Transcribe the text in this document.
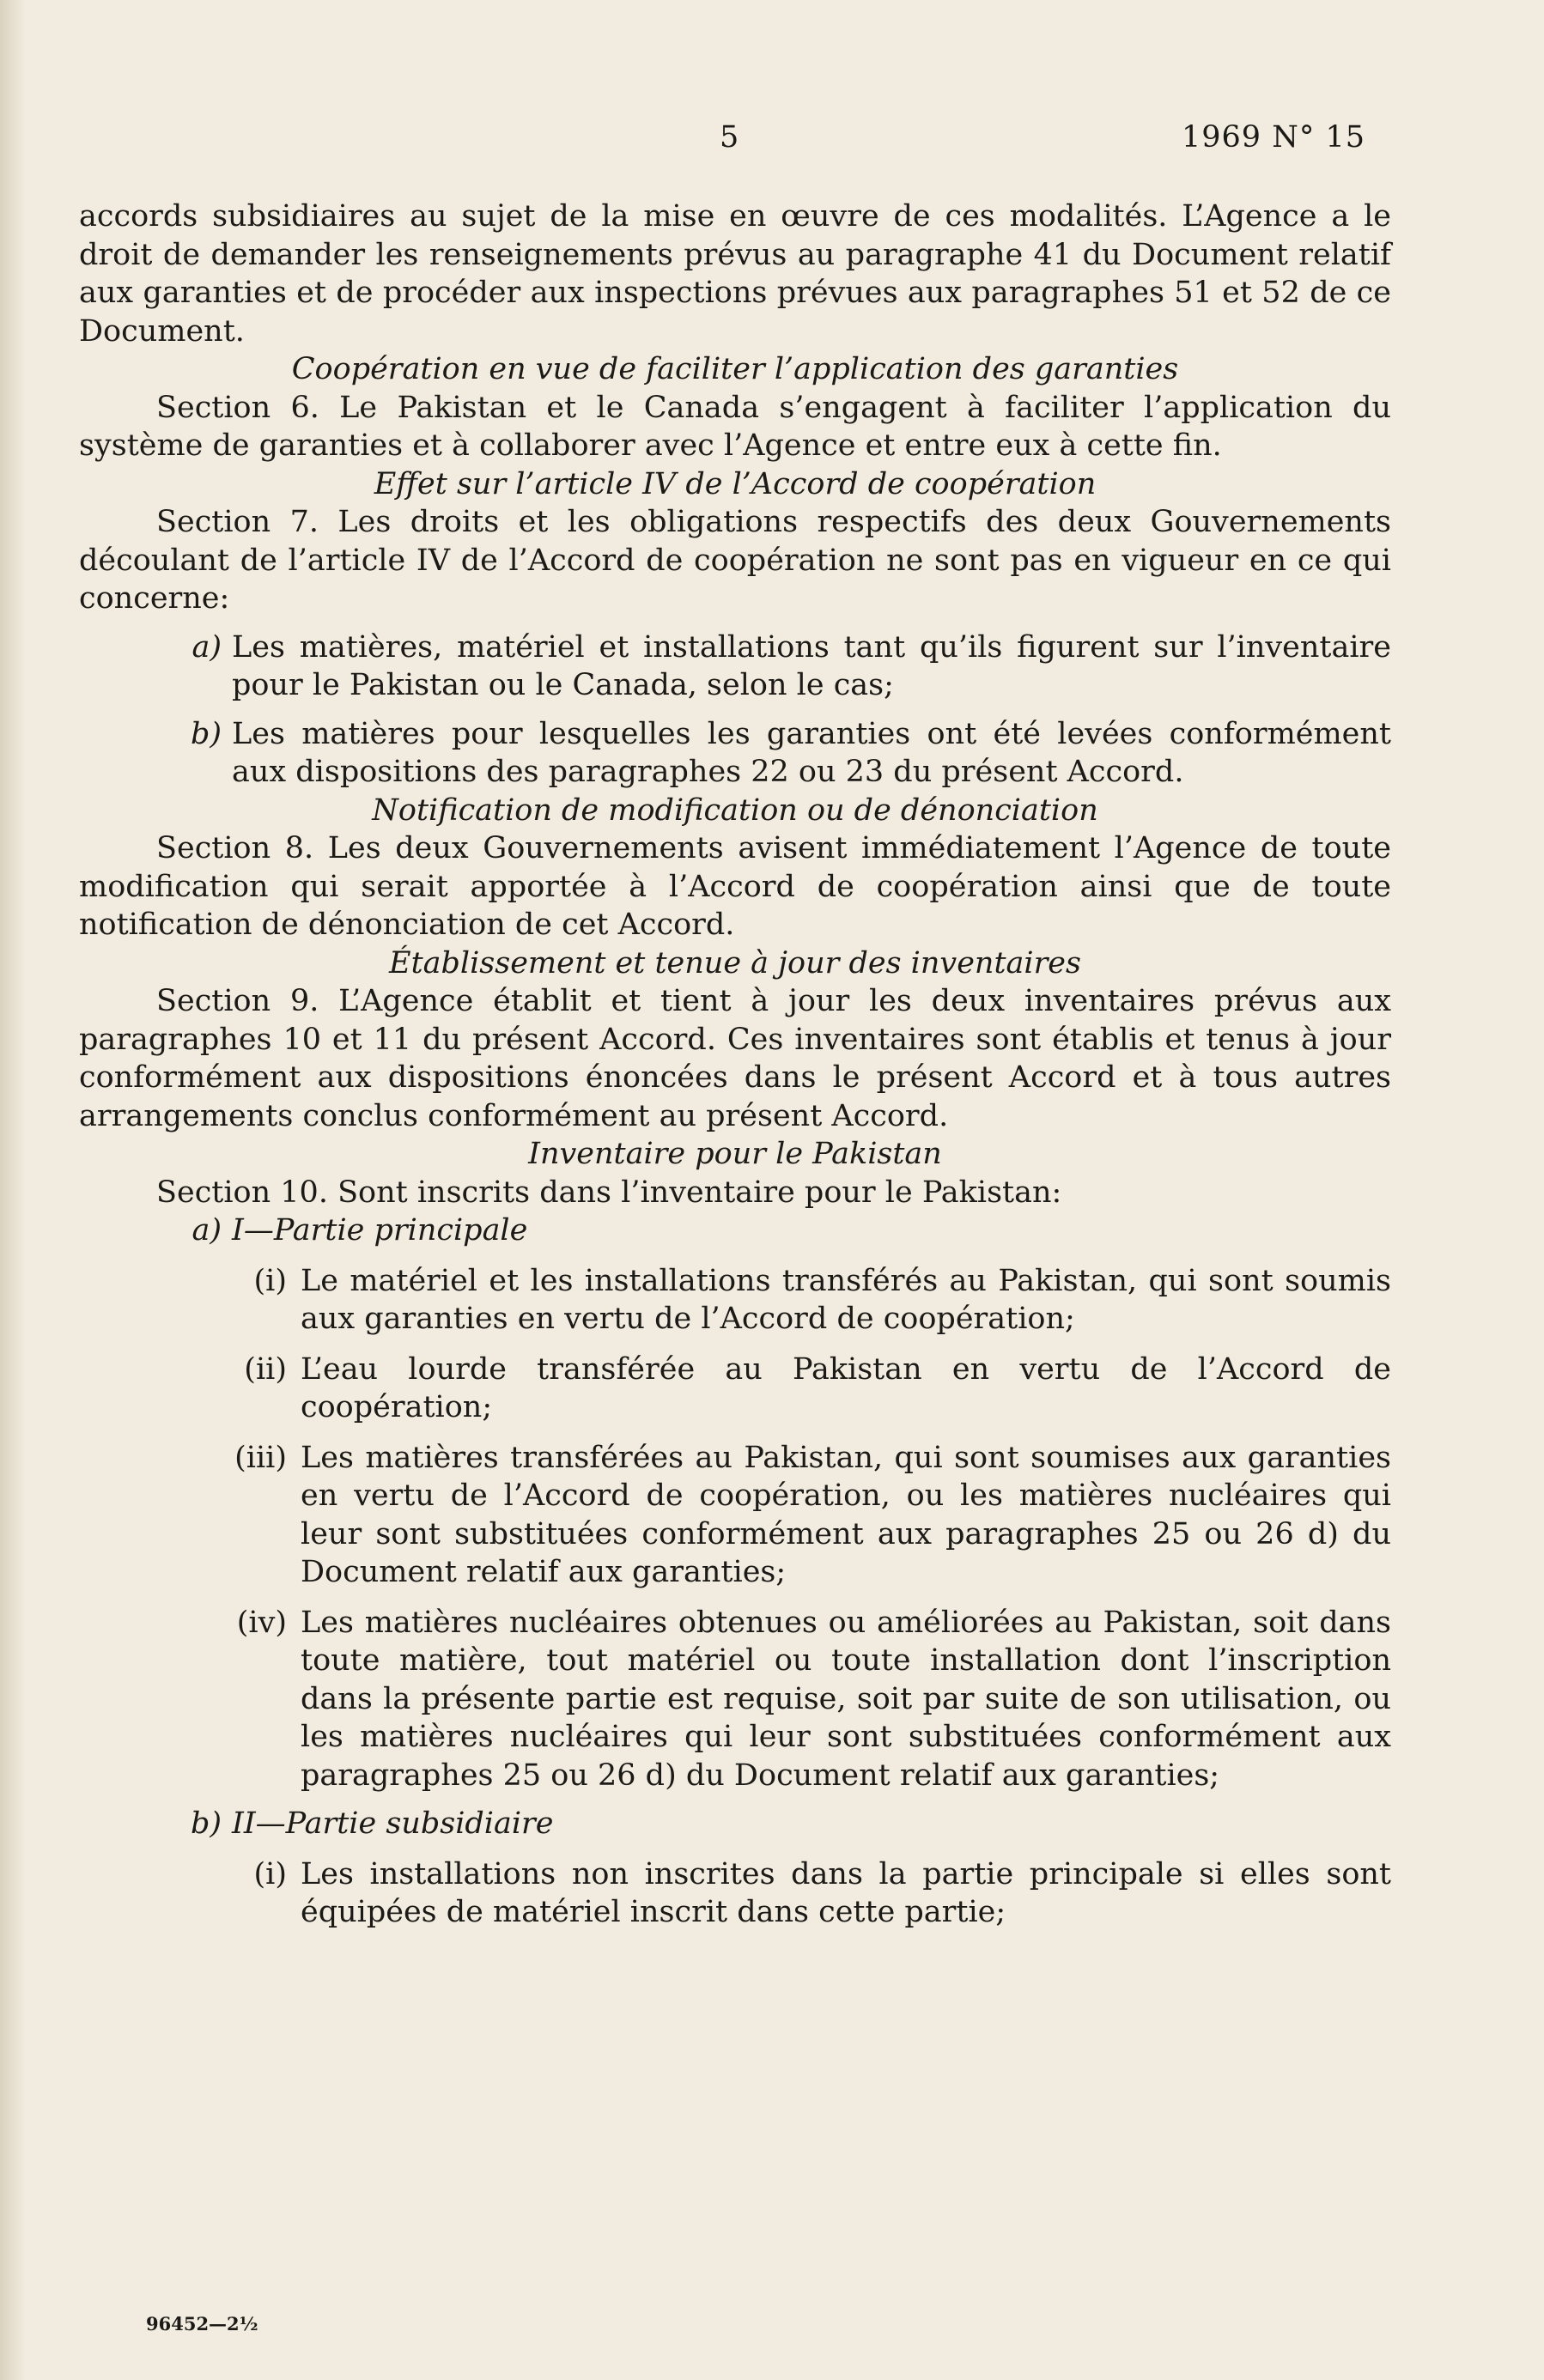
5	1969 N° 15

accords subsidiaires au sujet de la mise en œuvre de ces modalités. L’Agence a le droit de demander les renseignements prévus au paragraphe 41 du Document relatif aux garanties et de procéder aux inspections prévues aux paragraphes 51 et 52 de ce Document.

Coopération en vue de faciliter l’application des garanties

Section 6. Le Pakistan et le Canada s’engagent à faciliter l’application du système de garanties et à collaborer avec l’Agence et entre eux à cette fin.

Effet sur l’article IV de l’Accord de coopération

Section 7. Les droits et les obligations respectifs des deux Gouvernements découlant de l’article IV de l’Accord de coopération ne sont pas en vigueur en ce qui concerne:

a) Les matières, matériel et installations tant qu’ils figurent sur l’inventaire pour le Pakistan ou le Canada, selon le cas;
b) Les matières pour lesquelles les garanties ont été levées conformément aux dispositions des paragraphes 22 ou 23 du présent Accord.

Notification de modification ou de dénonciation

Section 8. Les deux Gouvernements avisent immédiatement l’Agence de toute modification qui serait apportée à l’Accord de coopération ainsi que de toute notification de dénonciation de cet Accord.

Établissement et tenue à jour des inventaires

Section 9. L’Agence établit et tient à jour les deux inventaires prévus aux paragraphes 10 et 11 du présent Accord. Ces inventaires sont établis et tenus à jour conformément aux dispositions énoncées dans le présent Accord et à tous autres arrangements conclus conformément au présent Accord.

Inventaire pour le Pakistan

Section 10. Sont inscrits dans l’inventaire pour le Pakistan:

a) I—Partie principale
(i) Le matériel et les installations transférés au Pakistan, qui sont soumis aux garanties en vertu de l’Accord de coopération;
(ii) L’eau lourde transférée au Pakistan en vertu de l’Accord de coopération;
(iii) Les matières transférées au Pakistan, qui sont soumises aux garanties en vertu de l’Accord de coopération, ou les matières nucléaires qui leur sont substituées conformément aux paragraphes 25 ou 26 d) du Document relatif aux garanties;
(iv) Les matières nucléaires obtenues ou améliorées au Pakistan, soit dans toute matière, tout matériel ou toute installation dont l’inscription dans la présente partie est requise, soit par suite de son utilisation, ou les matières nucléaires qui leur sont substituées conformément aux paragraphes 25 ou 26 d) du Document relatif aux garanties;
b) II—Partie subsidiaire
(i) Les installations non inscrites dans la partie principale si elles sont équipées de matériel inscrit dans cette partie;
96452—2½
